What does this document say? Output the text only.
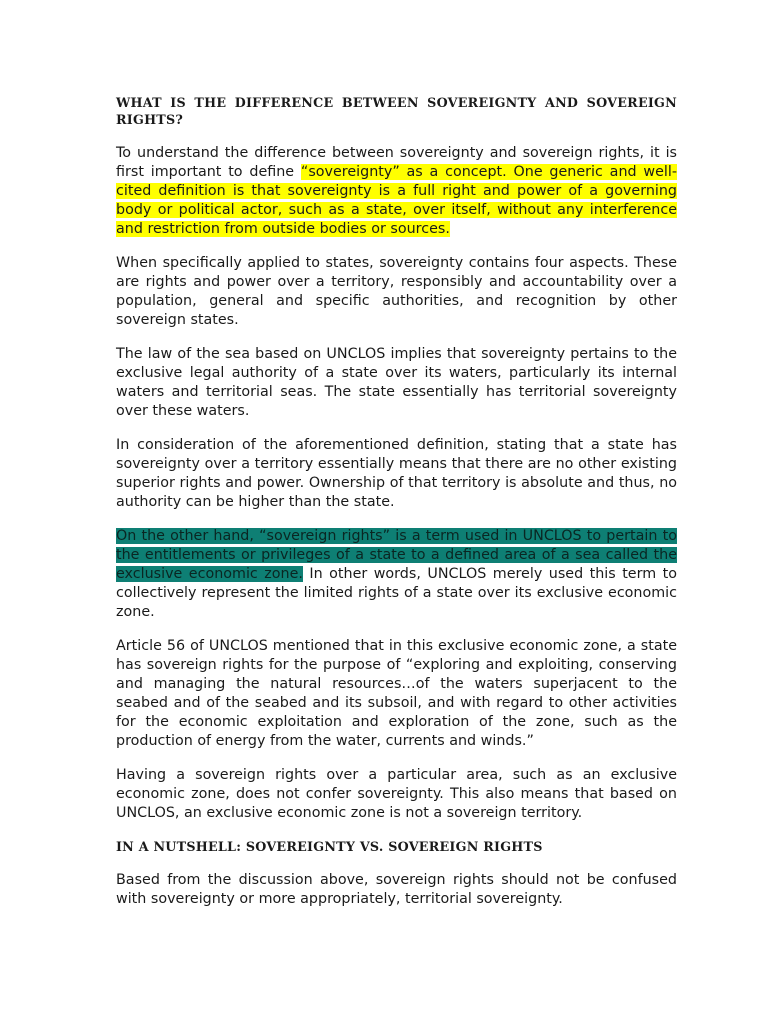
WHAT IS THE DIFFERENCE BETWEEN SOVEREIGNTY AND SOVEREIGN RIGHTS?

To understand the difference between sovereignty and sovereign rights, it is first important to define “sovereignty” as a concept. One generic and well-cited definition is that sovereignty is a full right and power of a governing body or political actor, such as a state, over itself, without any interference and restriction from outside bodies or sources.

When specifically applied to states, sovereignty contains four aspects. These are rights and power over a territory, responsibly and accountability over a population, general and specific authorities, and recognition by other sovereign states.

The law of the sea based on UNCLOS implies that sovereignty pertains to the exclusive legal authority of a state over its waters, particularly its internal waters and territorial seas. The state essentially has territorial sovereignty over these waters.

In consideration of the aforementioned definition, stating that a state has sovereignty over a territory essentially means that there are no other existing superior rights and power. Ownership of that territory is absolute and thus, no authority can be higher than the state.

On the other hand, “sovereign rights” is a term used in UNCLOS to pertain to the entitlements or privileges of a state to a defined area of a sea called the exclusive economic zone. In other words, UNCLOS merely used this term to collectively represent the limited rights of a state over its exclusive economic zone.

Article 56 of UNCLOS mentioned that in this exclusive economic zone, a state has sovereign rights for the purpose of “exploring and exploiting, conserving and managing the natural resources…of the waters superjacent to the seabed and of the seabed and its subsoil, and with regard to other activities for the economic exploitation and exploration of the zone, such as the production of energy from the water, currents and winds.”

Having a sovereign rights over a particular area, such as an exclusive economic zone, does not confer sovereignty. This also means that based on UNCLOS, an exclusive economic zone is not a sovereign territory.

IN A NUTSHELL: SOVEREIGNTY VS. SOVEREIGN RIGHTS

Based from the discussion above, sovereign rights should not be confused with sovereignty or more appropriately, territorial sovereignty.
